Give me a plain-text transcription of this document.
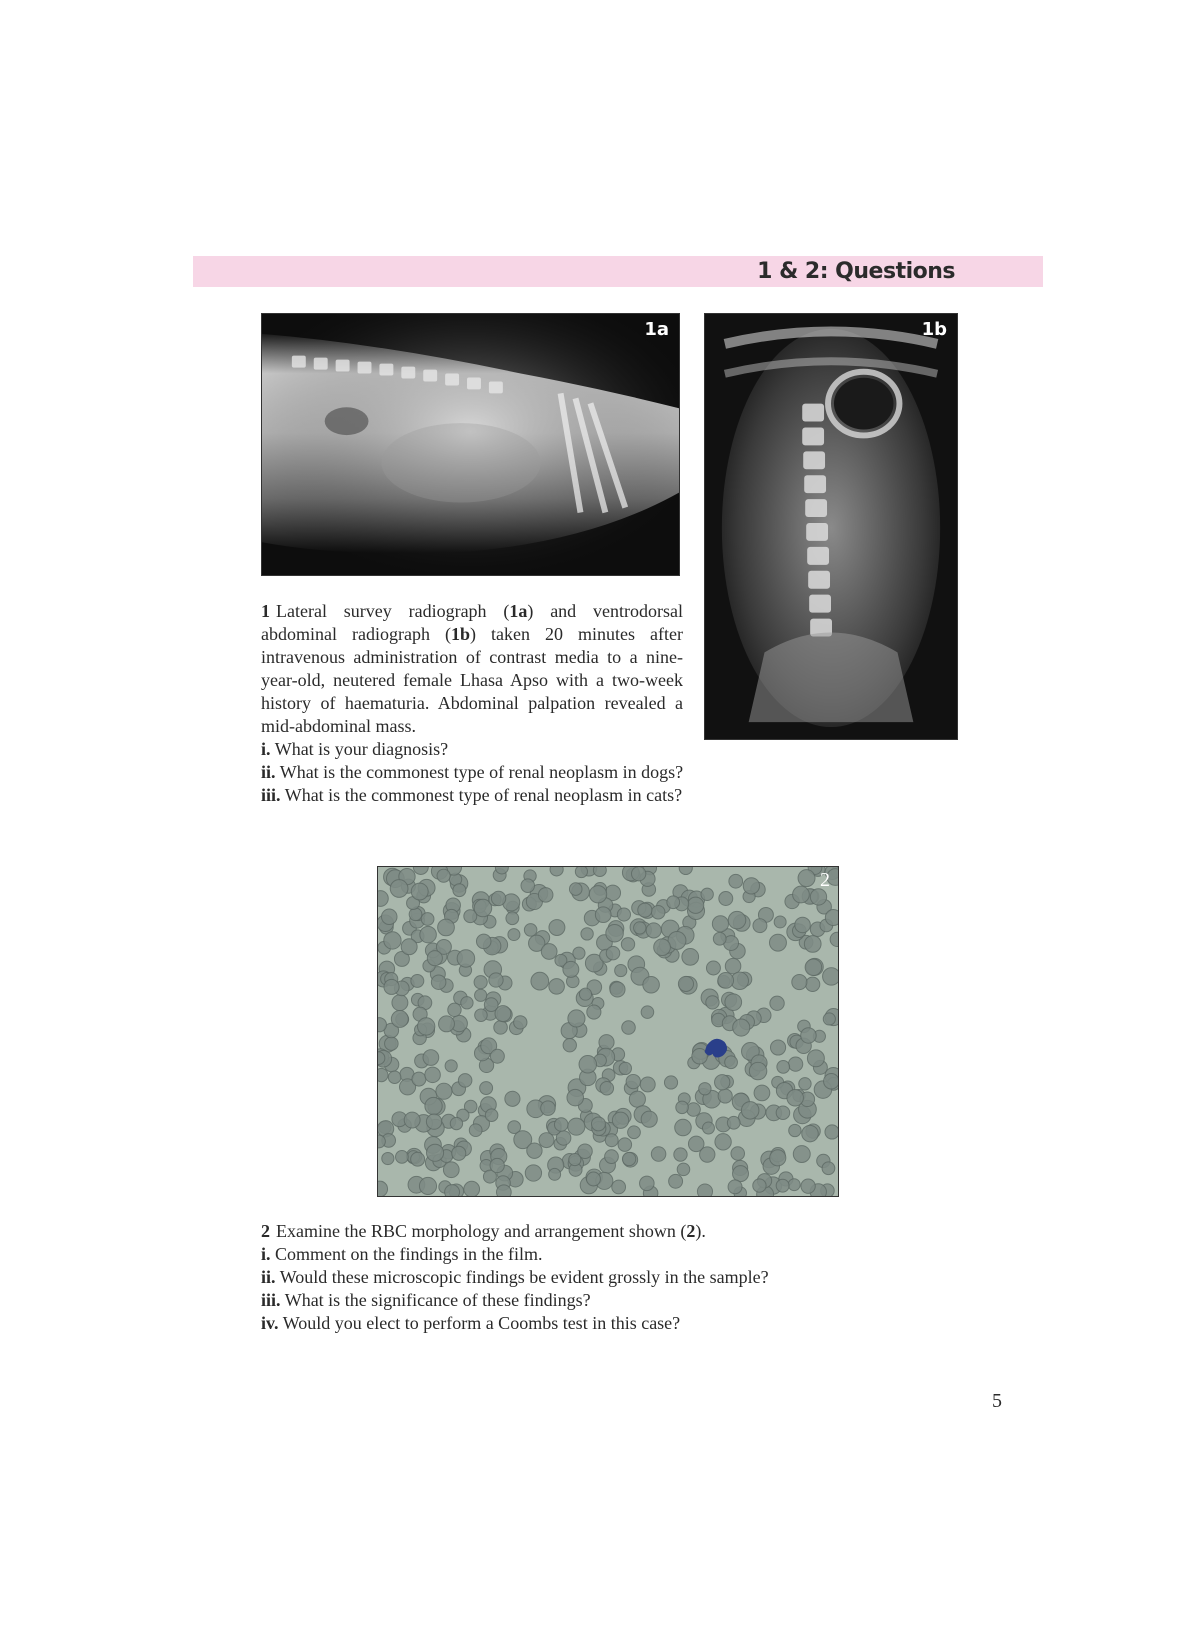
1 & 2: Questions
1a	1b

1 Lateral survey radiograph (1a) and ventrodorsal abdominal radiograph (1b) taken 20 minutes after intravenous administration of contrast media to a nine-year-old, neutered female Lhasa Apso with a two-week history of haematuria. Abdominal palpation revealed a mid-abdominal mass.

i. What is your diagnosis?

ii. What is the commonest type of renal neoplasm in dogs?

iii. What is the commonest type of renal neoplasm in cats?

2

2 Examine the RBC morphology and arrangement shown (2).

i. Comment on the findings in the film.

ii. Would these microscopic findings be evident grossly in the sample?

iii. What is the significance of these findings?

iv. Would you elect to perform a Coombs test in this case?

5
